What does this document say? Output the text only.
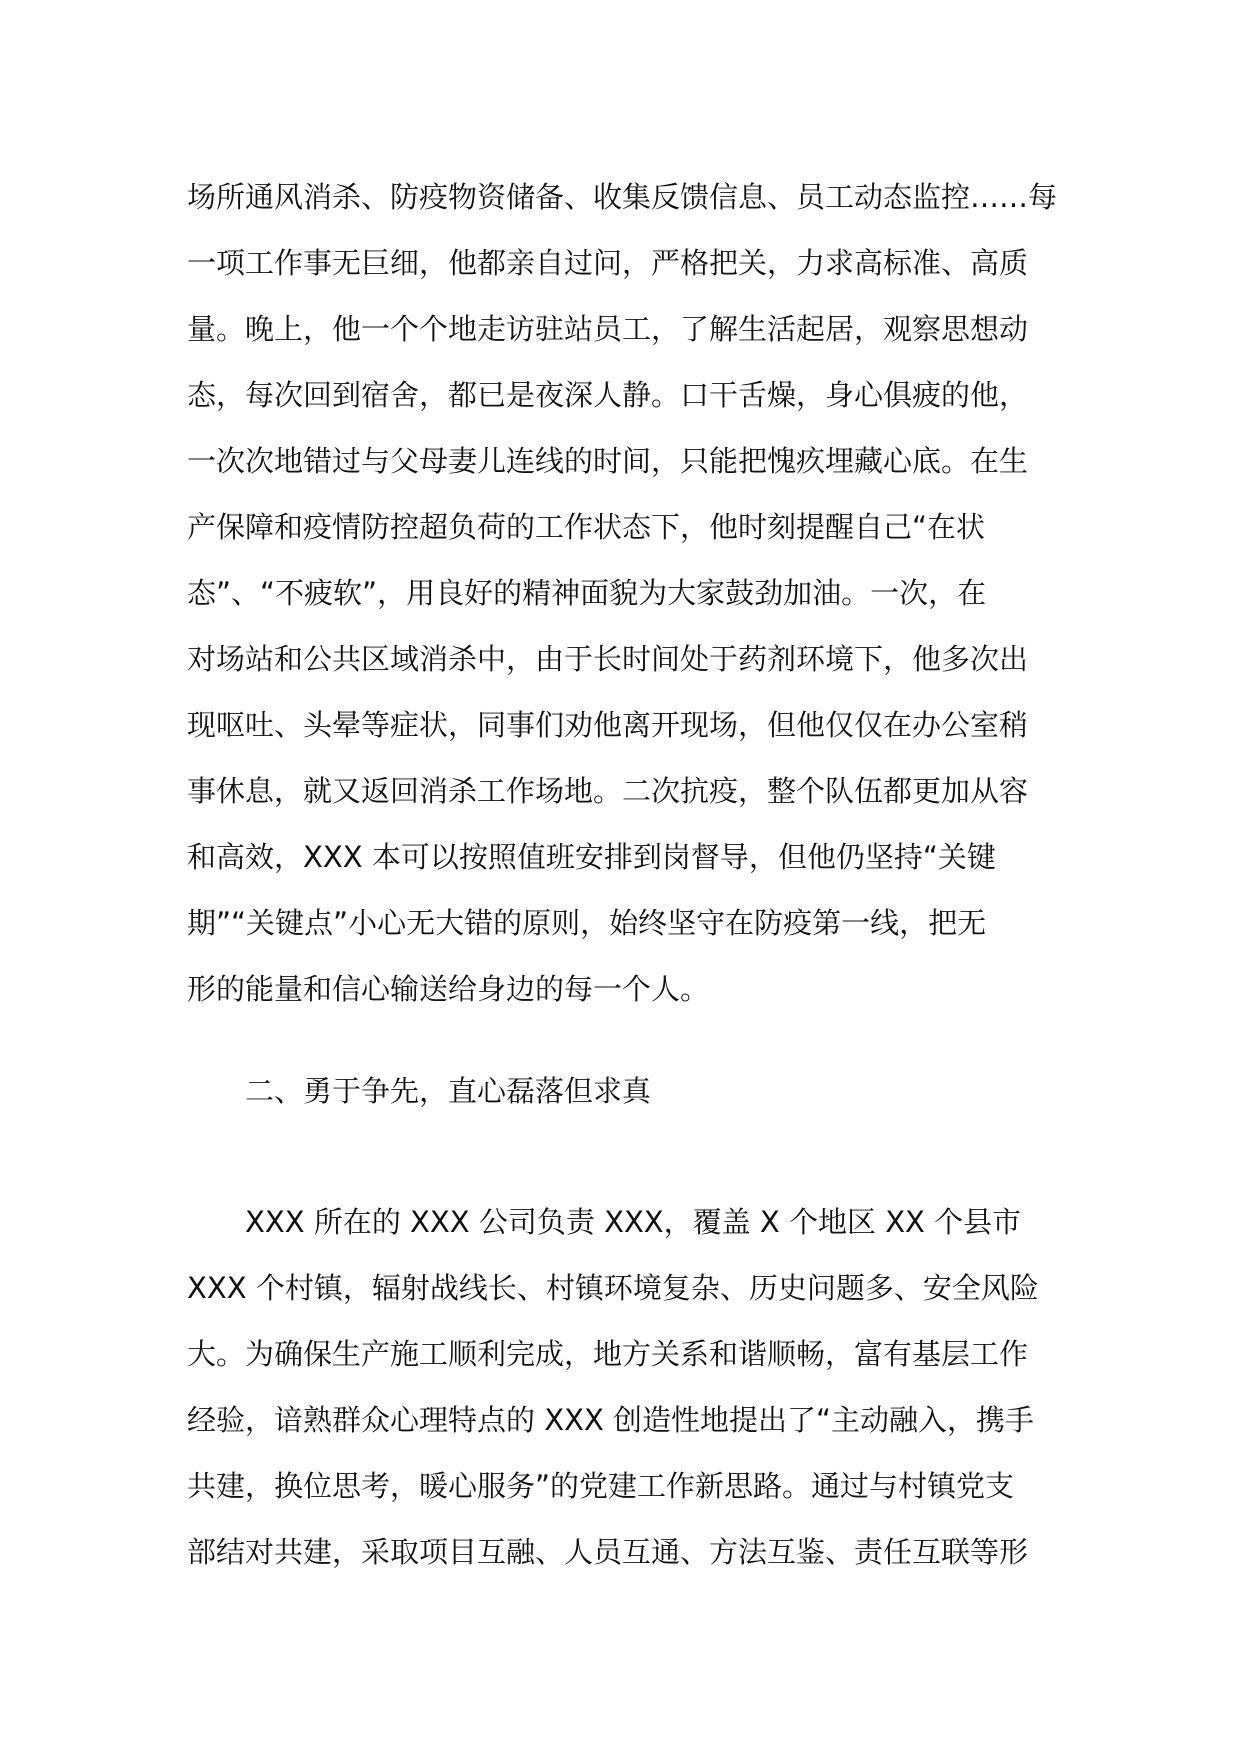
场所通风消杀、防疫物资储备、收集反馈信息、员工动态监控……每
一项工作事无巨细，他都亲自过问，严格把关，力求高标准、高质
量。晚上，他一个个地走访驻站员工，了解生活起居，观察思想动
态，每次回到宿舍，都已是夜深人静。口干舌燥，身心俱疲的他，
一次次地错过与父母妻儿连线的时间，只能把愧疚埋藏心底。在生
产保障和疫情防控超负荷的工作状态下，他时刻提醒自己“在状
态”、“不疲软”，用良好的精神面貌为大家鼓劲加油。一次，在
对场站和公共区域消杀中，由于长时间处于药剂环境下，他多次出
现呕吐、头晕等症状，同事们劝他离开现场，但他仅仅在办公室稍
事休息，就又返回消杀工作场地。二次抗疫，整个队伍都更加从容
和高效，XXX 本可以按照值班安排到岗督导，但他仍坚持“关键
期”“关键点”小心无大错的原则，始终坚守在防疫第一线，把无
形的能量和信心输送给身边的每一个人。
二、勇于争先，直心磊落但求真
XXX 所在的 XXX 公司负责 XXX，覆盖 X 个地区 XX 个县市
XXX 个村镇，辐射战线长、村镇环境复杂、历史问题多、安全风险
大。为确保生产施工顺利完成，地方关系和谐顺畅，富有基层工作
经验，谙熟群众心理特点的 XXX 创造性地提出了“主动融入，携手
共建，换位思考，暖心服务”的党建工作新思路。通过与村镇党支
部结对共建，采取项目互融、人员互通、方法互鉴、责任互联等形
